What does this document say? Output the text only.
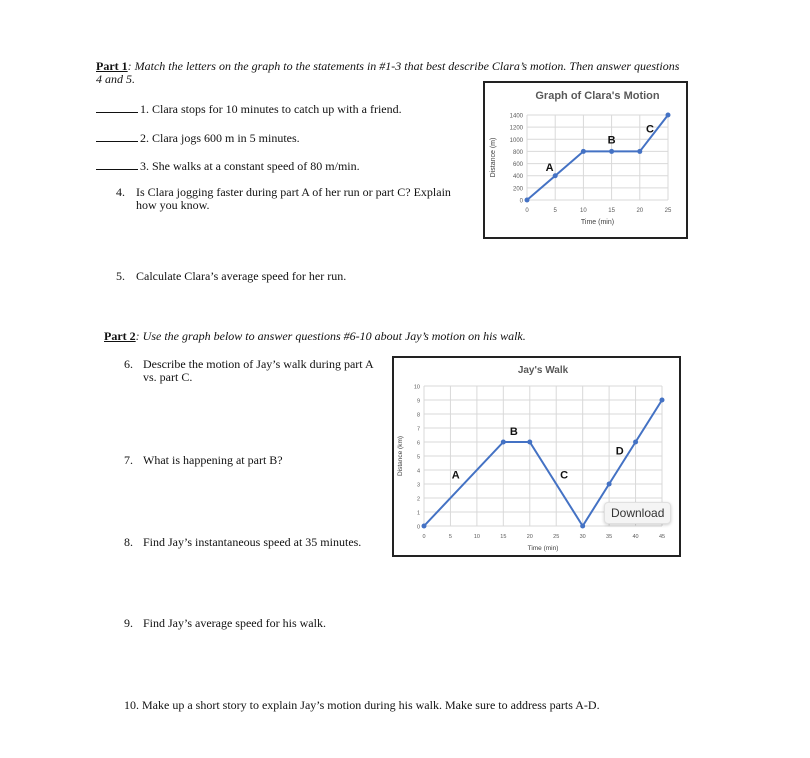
Part 1: Match the letters on the graph to the statements in #1-3 that best describe Clara’s motion. Then answer questions
4 and 5.
1. Clara stops for 10 minutes to catch up with a friend.
2. Clara jogs 600 m in 5 minutes.
3. She walks at a constant speed of 80 m/min.
4. Is Clara jogging faster during part A of her run or part C? Explain
how you know.
5. Calculate Clara’s average speed for her run.
Graph of Clara's Motion
0
200
400
600
800
1000
1200
1400
0	5	10	15	20	25
Time (min)
Distance (m)	A
B
C
Part 2: Use the graph below to answer questions #6-10 about Jay’s motion on his walk.
6. Describe the motion of Jay’s walk during part A
vs. part C.
7. What is happening at part B?
8. Find Jay’s instantaneous speed at 35 minutes.
9. Find Jay’s average speed for his walk.
10. Make up a short story to explain Jay’s motion during his walk. Make sure to address parts A-D.
Jay's Walk
0
1
2
3
4
5
6
7
8
9
10
0	5	10	15	20	25	30	35	40	45
Time (min)
Distance (km)	A
B
C
D
Download
